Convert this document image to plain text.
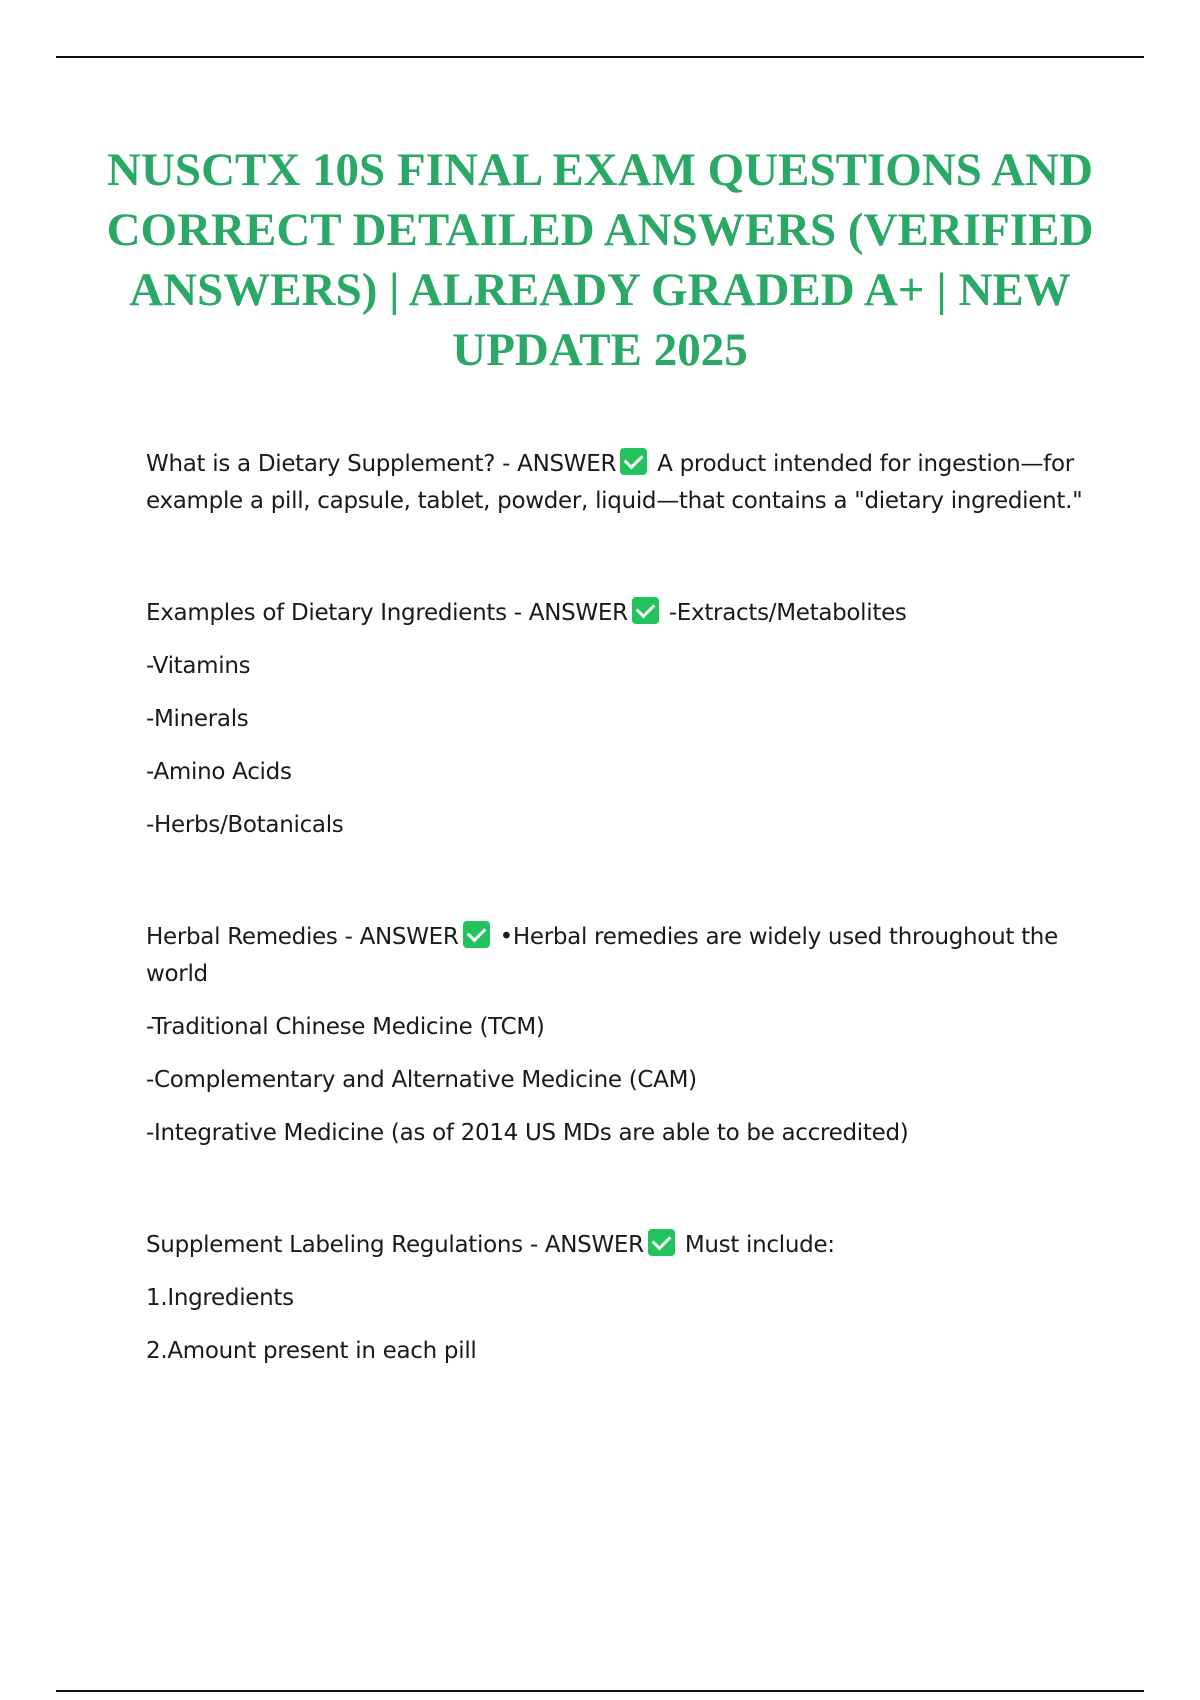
NUSCTX 10S FINAL EXAM QUESTIONS AND CORRECT DETAILED ANSWERS (VERIFIED ANSWERS) | ALREADY GRADED A+ | NEW UPDATE 2025

What is a Dietary Supplement? - ANSWER A product intended for ingestion—for example a pill, capsule, tablet, powder, liquid—that contains a "dietary ingredient."

Examples of Dietary Ingredients - ANSWER -Extracts/Metabolites

-Vitamins

-Minerals

-Amino Acids

-Herbs/Botanicals

Herbal Remedies - ANSWER •Herbal remedies are widely used throughout the world

-Traditional Chinese Medicine (TCM)

-Complementary and Alternative Medicine (CAM)

-Integrative Medicine (as of 2014 US MDs are able to be accredited)

Supplement Labeling Regulations - ANSWER Must include:

1.Ingredients

2.Amount present in each pill
